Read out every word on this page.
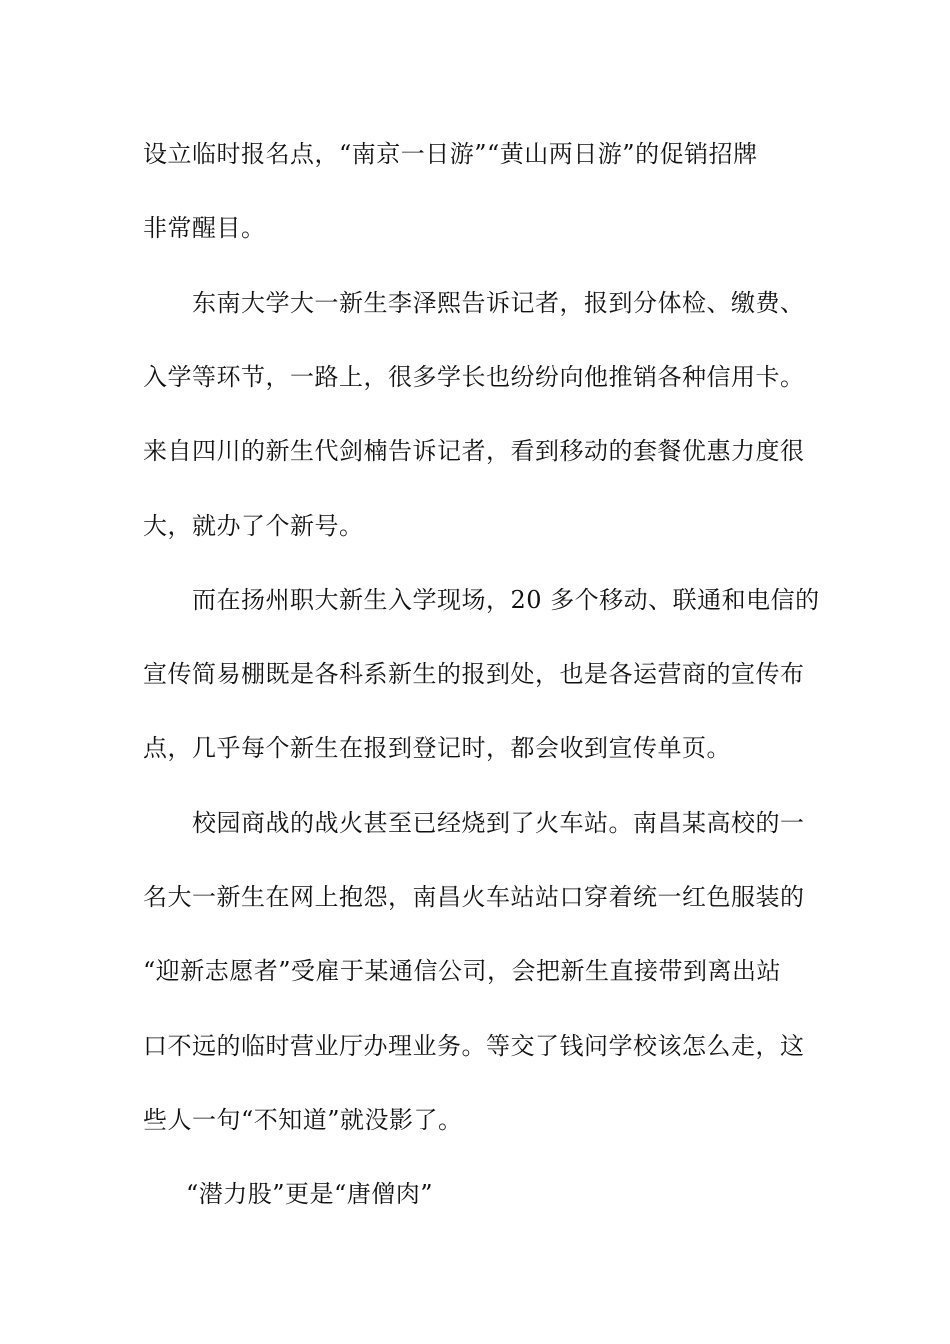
设立临时报名点，“南京一日游”“黄山两日游”的促销招牌
非常醒目。
东南大学大一新生李泽熙告诉记者，报到分体检、缴费、
入学等环节，一路上，很多学长也纷纷向他推销各种信用卡。
来自四川的新生代剑楠告诉记者，看到移动的套餐优惠力度很
大，就办了个新号。
而在扬州职大新生入学现场，20 多个移动、联通和电信的
宣传简易棚既是各科系新生的报到处，也是各运营商的宣传布
点，几乎每个新生在报到登记时，都会收到宣传单页。
校园商战的战火甚至已经烧到了火车站。南昌某高校的一
名大一新生在网上抱怨，南昌火车站站口穿着统一红色服装的
“迎新志愿者”受雇于某通信公司，会把新生直接带到离出站
口不远的临时营业厅办理业务。等交了钱问学校该怎么走，这
些人一句“不知道”就没影了。
“潜力股”更是“唐僧肉”
